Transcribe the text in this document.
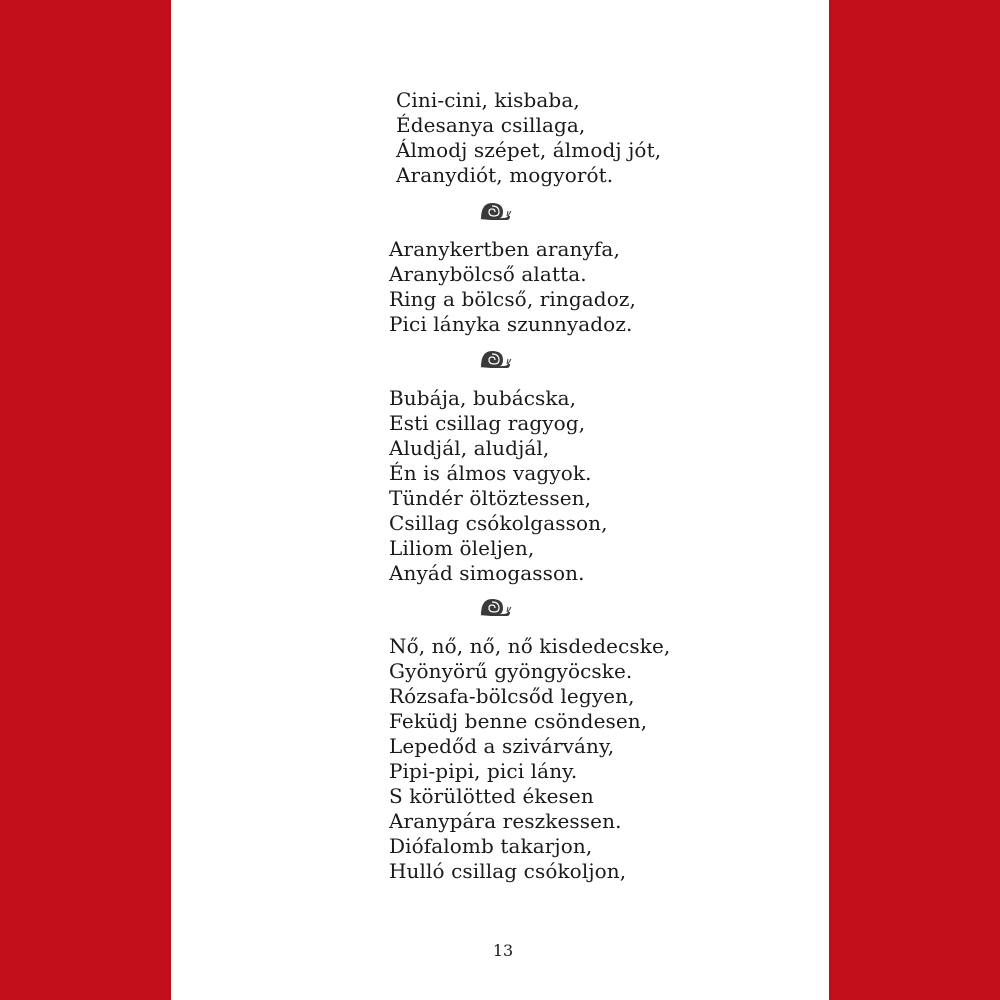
Cini-cini, kisbaba,
Édesanya csillaga,
Álmodj szépet, álmodj jót,
Aranydiót, mogyorót.
Aranykertben aranyfa,
Aranybölcső alatta.
Ring a bölcső, ringadoz,
Pici lányka szunnyadoz.
Bubája, bubácska,
Esti csillag ragyog,
Aludjál, aludjál,
Én is álmos vagyok.
Tündér öltöztessen,
Csillag csókolgasson,
Liliom öleljen,
Anyád simogasson.
Nő, nő, nő, nő kisdedecske,
Gyönyörű gyöngyöcske.
Rózsafa-bölcsőd legyen,
Feküdj benne csöndesen,
Lepedőd a szivárvány,
Pipi-pipi, pici lány.
S körülötted ékesen
Aranypára reszkessen.
Diófalomb takarjon,
Hulló csillag csókoljon,
13
